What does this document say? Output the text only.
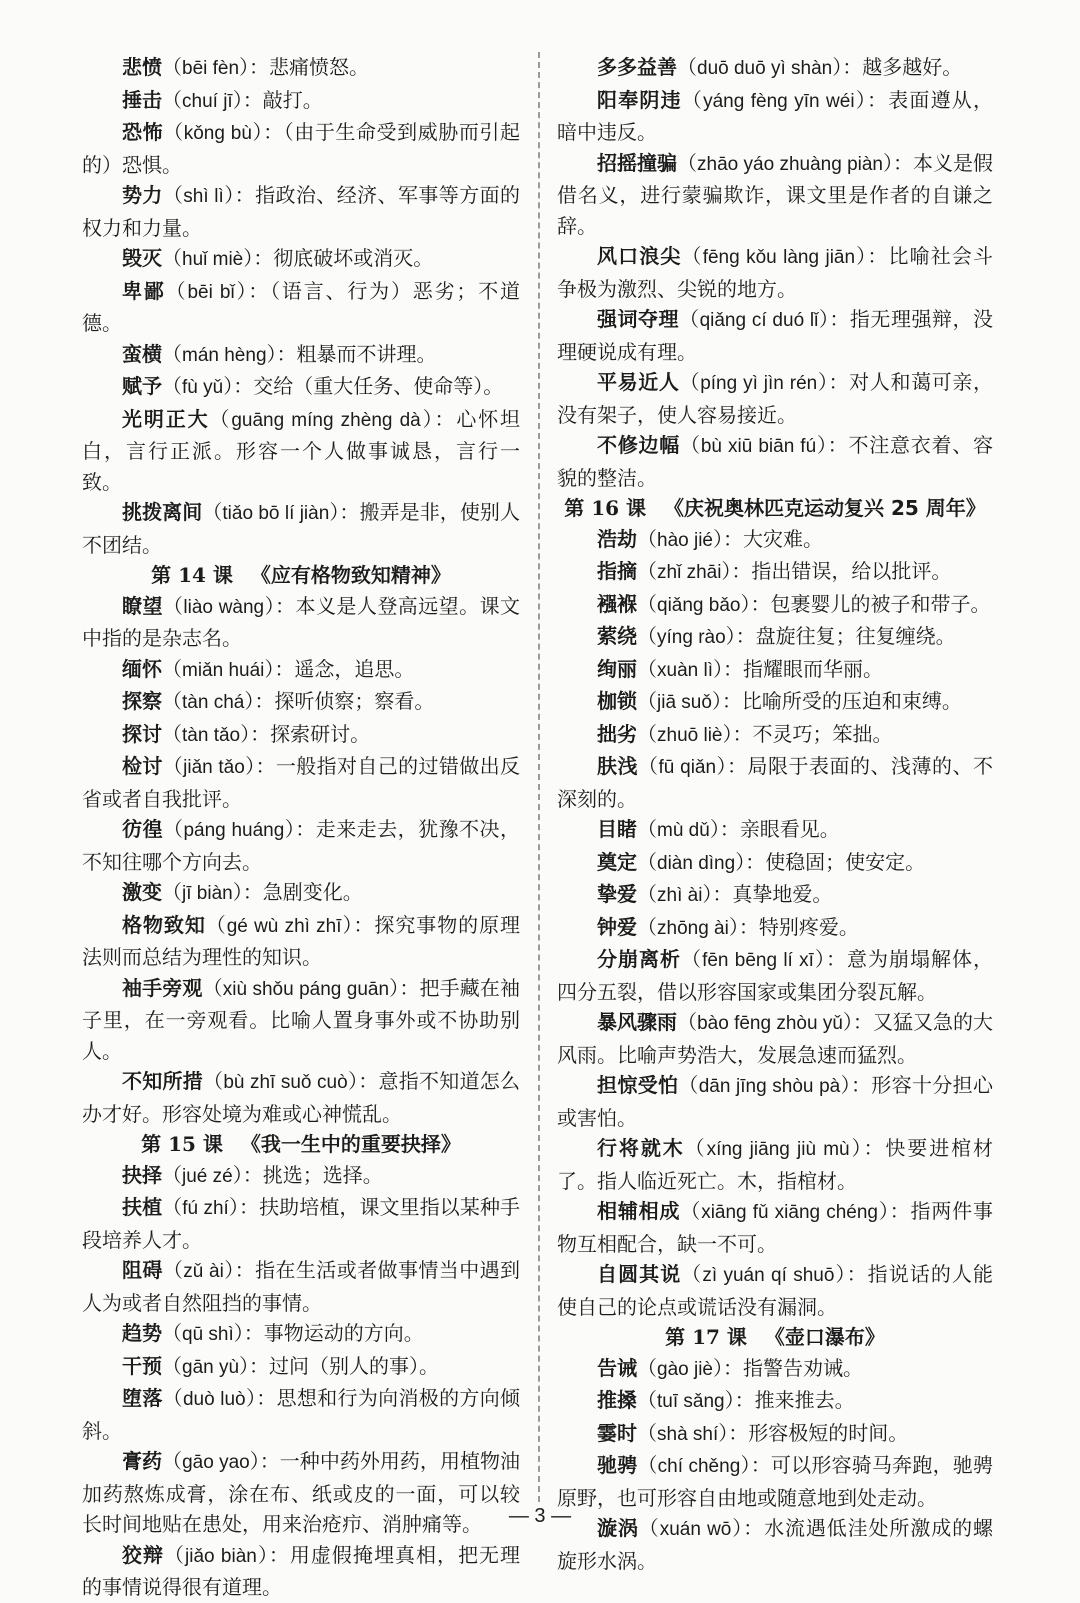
悲愤（bēi fèn）：悲痛愤怒。

捶击（chuí jī）：敲打。

恐怖（kǒng bù）：（由于生命受到威胁而引起的）恐惧。

势力（shì lì）：指政治、经济、军事等方面的权力和力量。

毁灭（huǐ miè）：彻底破坏或消灭。

卑鄙（bēi bǐ）：（语言、行为）恶劣；不道德。

蛮横（mán hèng）：粗暴而不讲理。

赋予（fù yǔ）：交给（重大任务、使命等）。

光明正大（guāng míng zhèng dà）：心怀坦白，言行正派。形容一个人做事诚恳，言行一致。

挑拨离间（tiǎo bō lí jiàn）：搬弄是非，使别人不团结。

第 14 课 《应有格物致知精神》

瞭望（liào wàng）：本义是人登高远望。课文中指的是杂志名。

缅怀（miǎn huái）：遥念，追思。

探察（tàn chá）：探听侦察；察看。

探讨（tàn tǎo）：探索研讨。

检讨（jiǎn tǎo）：一般指对自己的过错做出反省或者自我批评。

彷徨（páng huáng）：走来走去，犹豫不决，不知往哪个方向去。

激变（jī biàn）：急剧变化。

格物致知（gé wù zhì zhī）：探究事物的原理法则而总结为理性的知识。

袖手旁观（xiù shǒu páng guān）：把手藏在袖子里，在一旁观看。比喻人置身事外或不协助别人。

不知所措（bù zhī suǒ cuò）：意指不知道怎么办才好。形容处境为难或心神慌乱。

第 15 课 《我一生中的重要抉择》

抉择（jué zé）：挑选；选择。

扶植（fú zhí）：扶助培植，课文里指以某种手段培养人才。

阻碍（zǔ ài）：指在生活或者做事情当中遇到人为或者自然阻挡的事情。

趋势（qū shì）：事物运动的方向。

干预（gān yù）：过问（别人的事）。

堕落（duò luò）：思想和行为向消极的方向倾斜。

膏药（gāo yao）：一种中药外用药，用植物油加药熬炼成膏，涂在布、纸或皮的一面，可以较长时间地贴在患处，用来治疮疖、消肿痛等。

狡辩（jiǎo biàn）：用虚假掩埋真相，把无理的事情说得很有道理。

多多益善（duō duō yì shàn）：越多越好。

阳奉阴违（yáng fèng yīn wéi）：表面遵从，暗中违反。

招摇撞骗（zhāo yáo zhuàng piàn）：本义是假借名义，进行蒙骗欺诈，课文里是作者的自谦之辞。

风口浪尖（fēng kǒu làng jiān）：比喻社会斗争极为激烈、尖锐的地方。

强词夺理（qiǎng cí duó lǐ）：指无理强辩，没理硬说成有理。

平易近人（píng yì jìn rén）：对人和蔼可亲，没有架子，使人容易接近。

不修边幅（bù xiū biān fú）：不注意衣着、容貌的整洁。

第 16 课 《庆祝奥林匹克运动复兴 25 周年》

浩劫（hào jié）：大灾难。

指摘（zhǐ zhāi）：指出错误，给以批评。

襁褓（qiǎng bǎo）：包裹婴儿的被子和带子。

萦绕（yíng rào）：盘旋往复；往复缠绕。

绚丽（xuàn lì）：指耀眼而华丽。

枷锁（jiā suǒ）：比喻所受的压迫和束缚。

拙劣（zhuō liè）：不灵巧；笨拙。

肤浅（fū qiǎn）：局限于表面的、浅薄的、不深刻的。

目睹（mù dǔ）：亲眼看见。

奠定（diàn dìng）：使稳固；使安定。

挚爱（zhì ài）：真挚地爱。

钟爱（zhōng ài）：特别疼爱。

分崩离析（fēn bēng lí xī）：意为崩塌解体，四分五裂，借以形容国家或集团分裂瓦解。

暴风骤雨（bào fēng zhòu yǔ）：又猛又急的大风雨。比喻声势浩大，发展急速而猛烈。

担惊受怕（dān jīng shòu pà）：形容十分担心或害怕。

行将就木（xíng jiāng jiù mù）：快要进棺材了。指人临近死亡。木，指棺材。

相辅相成（xiāng fǔ xiāng chéng）：指两件事物互相配合，缺一不可。

自圆其说（zì yuán qí shuō）：指说话的人能使自己的论点或谎话没有漏洞。

第 17 课 《壶口瀑布》

告诫（gào jiè）：指警告劝诫。

推搡（tuī sǎng）：推来推去。

霎时（shà shí）：形容极短的时间。

驰骋（chí chěng）：可以形容骑马奔跑，驰骋原野，也可形容自由地或随意地到处走动。

漩涡（xuán wō）：水流遇低洼处所激成的螺旋形水涡。

— 3 —
